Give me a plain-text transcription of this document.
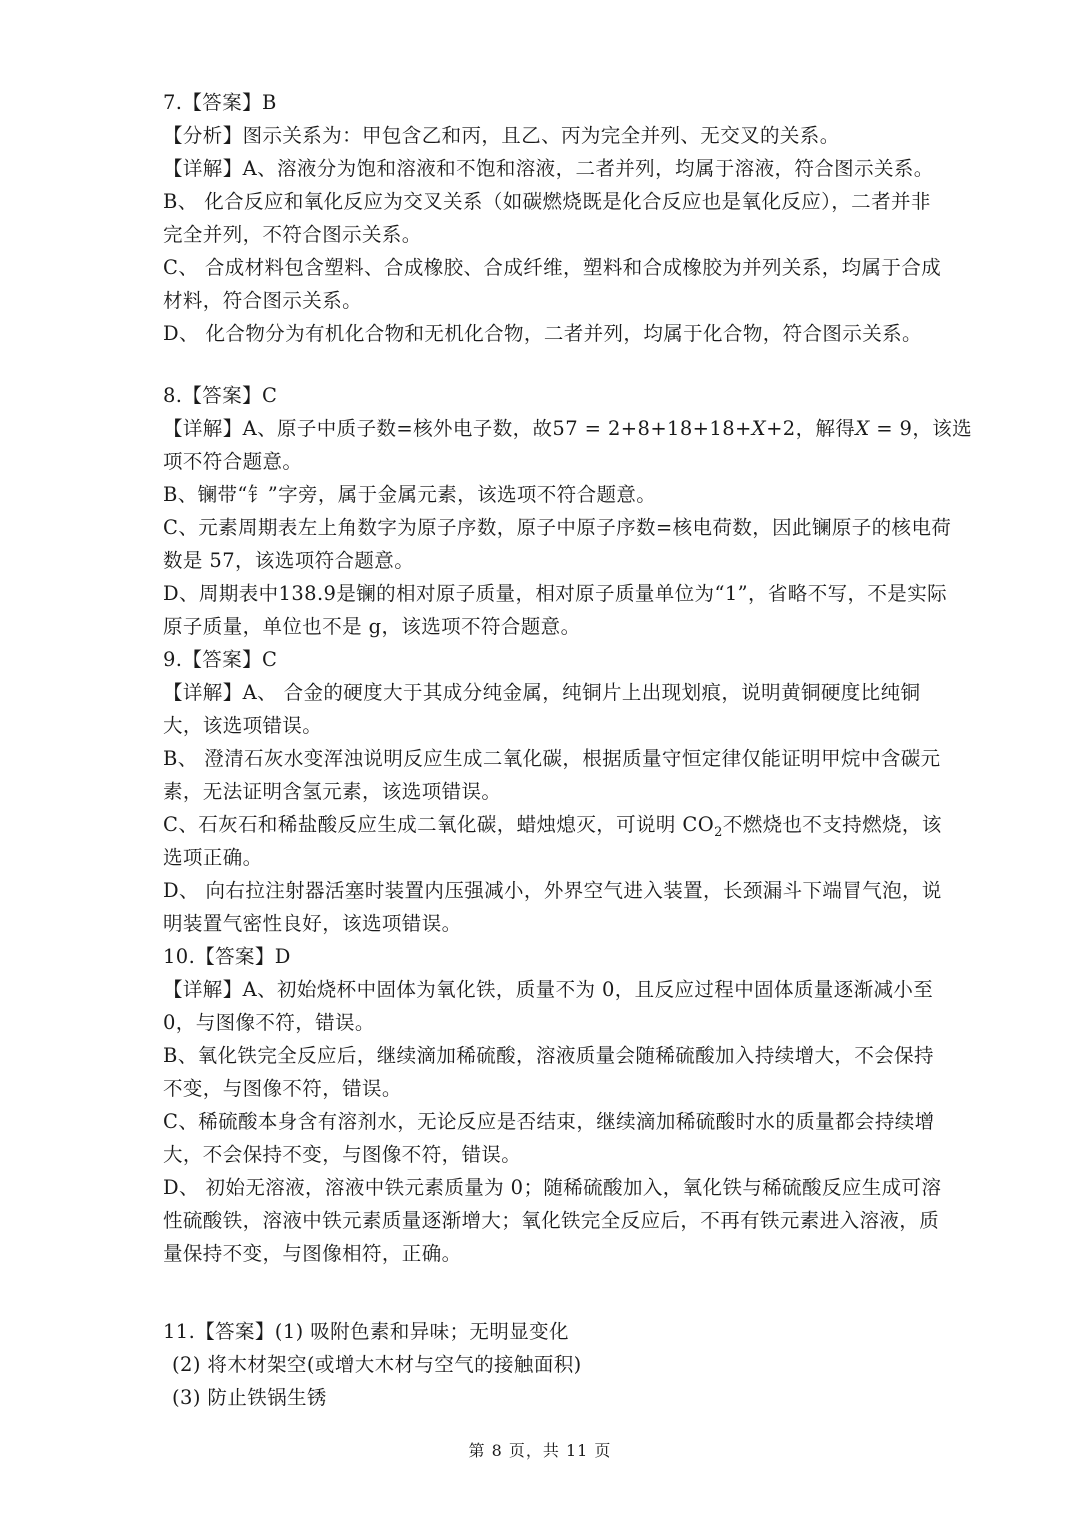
7.【答案】B
【分析】图示关系为：甲包含乙和丙，且乙、丙为完全并列、无交叉的关系。
【详解】A、溶液分为饱和溶液和不饱和溶液，二者并列，均属于溶液，符合图示关系。
B、 化合反应和氧化反应为交叉关系（如碳燃烧既是化合反应也是氧化反应），二者并非
完全并列，不符合图示关系。
C、 合成材料包含塑料、合成橡胶、合成纤维，塑料和合成橡胶为并列关系，均属于合成
材料，符合图示关系。
D、 化合物分为有机化合物和无机化合物，二者并列，均属于化合物，符合图示关系。
8.【答案】C
【详解】A、原子中质子数=核外电子数，故57 = 2+8+18+18+X+2，解得X = 9，该选
项不符合题意。
B、镧带“钅”字旁，属于金属元素，该选项不符合题意。
C、元素周期表左上角数字为原子序数，原子中原子序数=核电荷数，因此镧原子的核电荷
数是 57，该选项符合题意。
D、周期表中138.9是镧的相对原子质量，相对原子质量单位为“1”，省略不写，不是实际
原子质量，单位也不是 g，该选项不符合题意。
9.【答案】C
【详解】A、 合金的硬度大于其成分纯金属，纯铜片上出现划痕，说明黄铜硬度比纯铜
大，该选项错误。
B、 澄清石灰水变浑浊说明反应生成二氧化碳，根据质量守恒定律仅能证明甲烷中含碳元
素，无法证明含氢元素，该选项错误。
C、石灰石和稀盐酸反应生成二氧化碳，蜡烛熄灭，可说明 $CO_2$不燃烧也不支持燃烧，该
选项正确。
D、 向右拉注射器活塞时装置内压强减小，外界空气进入装置，长颈漏斗下端冒气泡，说
明装置气密性良好，该选项错误。
10.【答案】D
【详解】A、初始烧杯中固体为氧化铁，质量不为 0，且反应过程中固体质量逐渐减小至
0，与图像不符，错误。
B、氧化铁完全反应后，继续滴加稀硫酸，溶液质量会随稀硫酸加入持续增大，不会保持
不变，与图像不符，错误。
C、稀硫酸本身含有溶剂水，无论反应是否结束，继续滴加稀硫酸时水的质量都会持续增
大，不会保持不变，与图像不符，错误。
D、 初始无溶液，溶液中铁元素质量为 0；随稀硫酸加入，氧化铁与稀硫酸反应生成可溶
性硫酸铁，溶液中铁元素质量逐渐增大；氧化铁完全反应后，不再有铁元素进入溶液，质
量保持不变，与图像相符，正确。
11.【答案】(1) 吸附色素和异味；无明显变化
(2) 将木材架空(或增大木材与空气的接触面积)
(3) 防止铁锅生锈
第 8 页，共 11 页
